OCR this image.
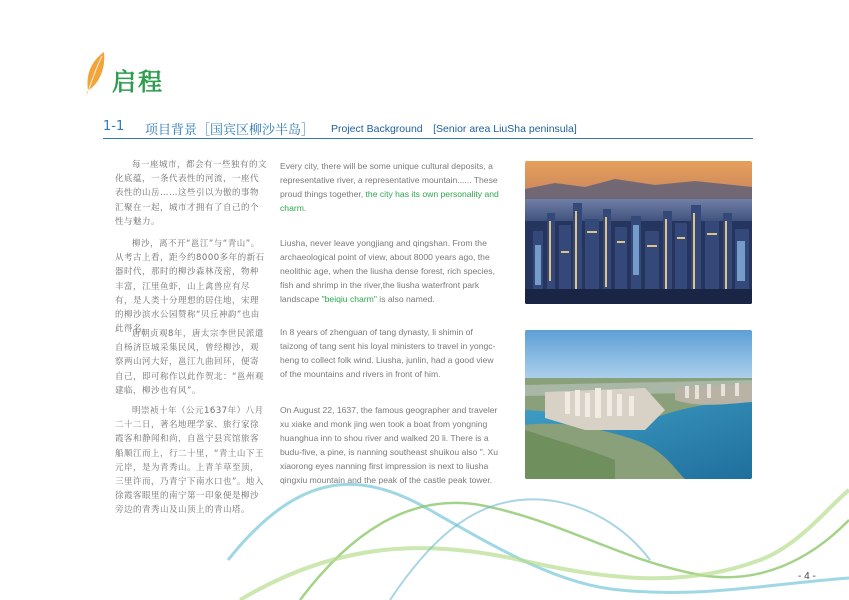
启程
1-1 项目背景［国宾区柳沙半岛］ Project Background　[Senior area LiuSha peninsula]
每一座城市，都会有一些独有的文化底蕴，一条代表性的河流，一座代表性的山岳……这些引以为傲的事物汇聚在一起，城市才拥有了自己的个性与魅力。
柳沙，离不开“邕江”与“青山”。从考古上看，距今约8000多年的新石器时代，那时的柳沙森林茂密，物种丰富，江里鱼虾，山上禽兽应有尽有，是人类十分理想的居住地，宋理的柳沙滨水公园赞称“贝丘神韵”也由此得名。
唐朝贞观8年，唐太宗李世民派遣自杨济臣城采集民风，曾经柳沙，观察两山河大好，邕江九曲回环，便寄自己，即可称作以此作贺北：“邕州观建临，柳沙也有风”。
明崇祯十年（公元1637年）八月二十二日，著名地理学家、旅行家徐霞客和静闻和尚，自邕宁县宾馆旅客船顺江而上，行二十里，“青土山下王元岸，是为青秀山。上青羊草至顶，三里许而，乃青宁下南水口也”。地入徐霞客眼里的南宁第一印象便是柳沙旁边的青秀山及山顶上的青山塔。
Every city, there will be some unique cultural deposits, a representative river, a representative mountain...... These proud things together, the city has its own personality and charm.
Liusha, never leave yongjiang and qingshan. From the archaeological point of view, about 8000 years ago, the neolithic age, when the liusha dense forest, rich species, fish and shrimp in the river,the liusha waterfront park landscape "beiqiu charm" is also named.
In 8 years of zhenguan of tang dynasty, li shimin of taizong of tang sent his loyal ministers to travel in yongc-heng to collect folk wind. Liusha, junlin, had a good view of the mountains and rivers in front of him.
On August 22, 1637, the famous geographer and traveler xu xiake and monk jing wen took a boat from yongning huanghua inn to shou river and walked 20 li. There is a budu-five, a pine, is nanning southeast shuikou also ". Xu xiaorong eyes nanning first impression is next to liusha qingxiu mountain and the peak of the castle peak tower.
- 4 -
